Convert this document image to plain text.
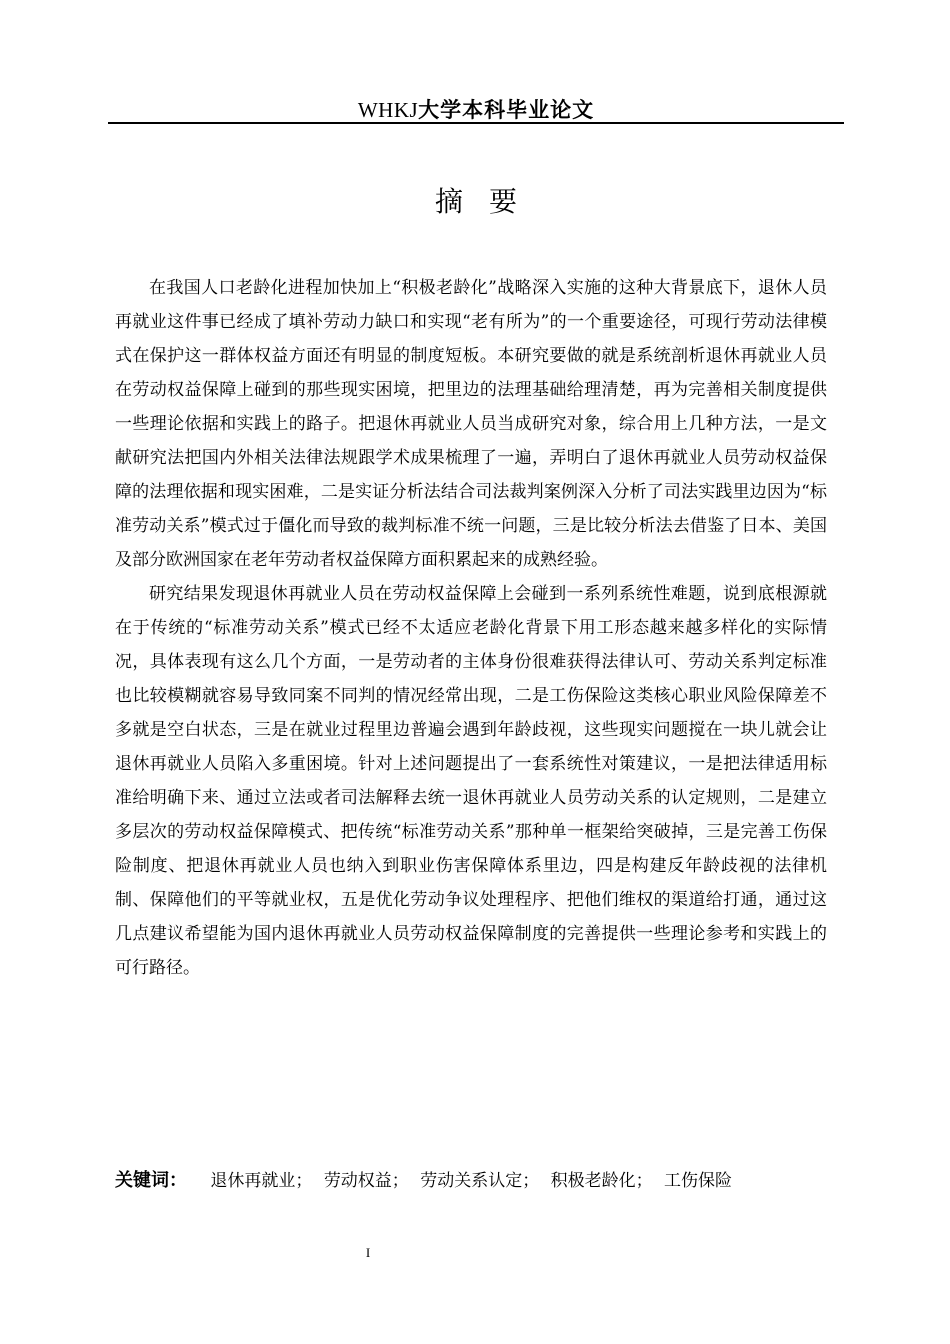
WHKJ大学本科毕业论文
摘要

在我国人口老龄化进程加快加上“积极老龄化”战略深入实施的这种大背景底下，退休人员再就业这件事已经成了填补劳动力缺口和实现“老有所为”的一个重要途径，可现行劳动法律模式在保护这一群体权益方面还有明显的制度短板。本研究要做的就是系统剖析退休再就业人员在劳动权益保障上碰到的那些现实困境，把里边的法理基础给理清楚，再为完善相关制度提供一些理论依据和实践上的路子。把退休再就业人员当成研究对象，综合用上几种方法，一是文献研究法把国内外相关法律法规跟学术成果梳理了一遍，弄明白了退休再就业人员劳动权益保障的法理依据和现实困难，二是实证分析法结合司法裁判案例深入分析了司法实践里边因为“标准劳动关系”模式过于僵化而导致的裁判标准不统一问题，三是比较分析法去借鉴了日本、美国及部分欧洲国家在老年劳动者权益保障方面积累起来的成熟经验。

研究结果发现退休再就业人员在劳动权益保障上会碰到一系列系统性难题，说到底根源就在于传统的“标准劳动关系”模式已经不太适应老龄化背景下用工形态越来越多样化的实际情况，具体表现有这么几个方面，一是劳动者的主体身份很难获得法律认可、劳动关系判定标准也比较模糊就容易导致同案不同判的情况经常出现，二是工伤保险这类核心职业风险保障差不多就是空白状态，三是在就业过程里边普遍会遇到年龄歧视，这些现实问题搅在一块儿就会让退休再就业人员陷入多重困境。针对上述问题提出了一套系统性对策建议，一是把法律适用标准给明确下来、通过立法或者司法解释去统一退休再就业人员劳动关系的认定规则，二是建立多层次的劳动权益保障模式、把传统“标准劳动关系”那种单一框架给突破掉，三是完善工伤保险制度、把退休再就业人员也纳入到职业伤害保障体系里边，四是构建反年龄歧视的法律机制、保障他们的平等就业权，五是优化劳动争议处理程序、把他们维权的渠道给打通，通过这几点建议希望能为国内退休再就业人员劳动权益保障制度的完善提供一些理论参考和实践上的可行路径。

关键词： 退休再就业； 劳动权益； 劳动关系认定； 积极老龄化； 工伤保险
I
